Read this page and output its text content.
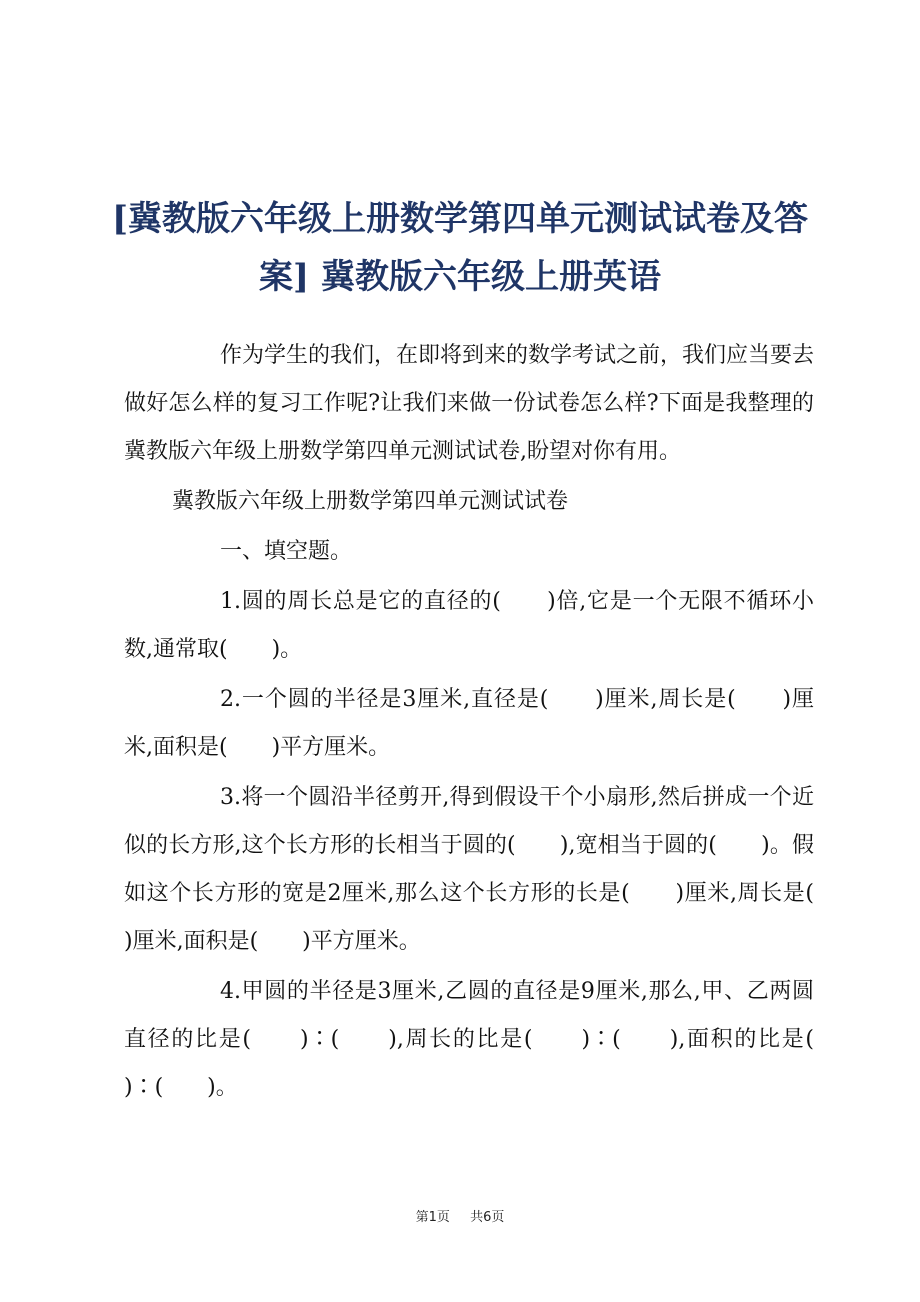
[冀教版六年级上册数学第四单元测试试卷及答案] 冀教版六年级上册英语

作为学生的我们，在即将到来的数学考试之前，我们应当要去做好怎么样的复习工作呢?让我们来做一份试卷怎么样?下面是我整理的冀教版六年级上册数学第四单元测试试卷,盼望对你有用。

冀教版六年级上册数学第四单元测试试卷

一、填空题。

1.圆的周长总是它的直径的(　　)倍,它是一个无限不循环小数,通常取(　　)。

2.一个圆的半径是3厘米,直径是(　　)厘米,周长是(　　)厘米,面积是(　　)平方厘米。

3.将一个圆沿半径剪开,得到假设干个小扇形,然后拼成一个近似的长方形,这个长方形的长相当于圆的(　　),宽相当于圆的(　　)。假如这个长方形的宽是2厘米,那么这个长方形的长是(　　)厘米,周长是(　　)厘米,面积是(　　)平方厘米。

4.甲圆的半径是3厘米,乙圆的直径是9厘米,那么,甲、乙两圆直径的比是(　　)∶(　　),周长的比是(　　)∶(　　),面积的比是(　　)∶(　　)。

第1页 共6页
